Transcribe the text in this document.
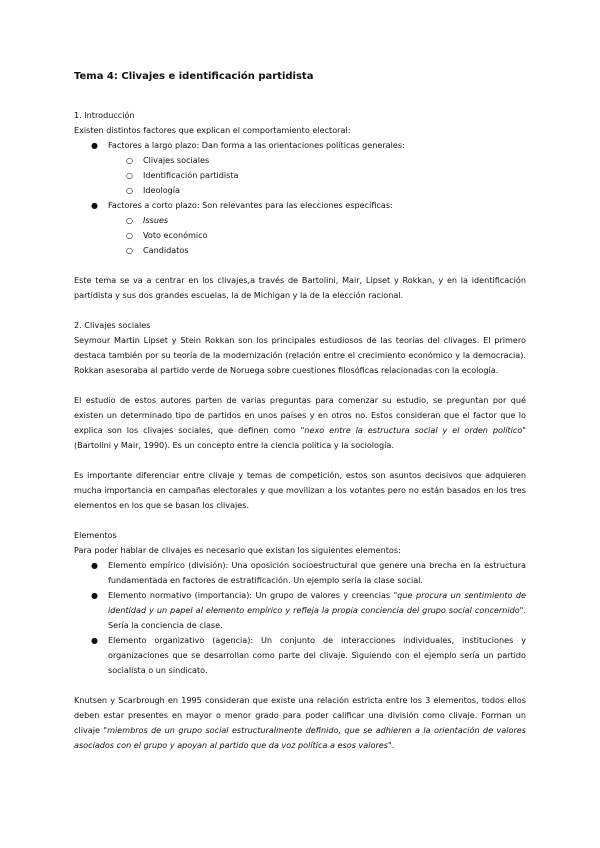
Tema 4: Clivajes e identificación partidista

1. Introducción

Existen distintos factores que explican el comportamiento electoral:

● Factores a largo plazo: Dan forma a las orientaciones políticas generales:
○ Clivajes sociales
○ Identificación partidista
○ Ideología
● Factores a corto plazo: Son relevantes para las elecciones específicas:
○ Issues
○ Voto económico
○ Candidatos

Este tema se va a centrar en los clivajes,a través de Bartolini, Mair, Lipset y Rokkan, y en la identificación partidista y sus dos grandes escuelas, la de Michigan y la de la elección racional.

2. Clivajes sociales

Seymour Martin Lipset y Stein Rokkan son los principales estudiosos de las teorías del clivages. El primero destaca también por su teoría de la modernización (relación entre el crecimiento económico y la democracia). Rokkan asesoraba al partido verde de Noruega sobre cuestiones filosóficas relacionadas con la ecología.

El estudio de estos autores parten de varias preguntas para comenzar su estudio, se preguntan por qué existen un determinado tipo de partidos en unos países y en otros no. Estos consideran que el factor que lo explica son los clivajes sociales, que definen como "nexo entre la estructura social y el orden político" (Bartolini y Mair, 1990). Es un concepto entre la ciencia política y la sociología.

Es importante diferenciar entre clivaje y temas de competición, estos son asuntos decisivos que adquieren mucha importancia en campañas electorales y que movilizan a los votantes pero no están basados en los tres elementos en los que se basan los clivajes.

Elementos

Para poder hablar de clivajes es necesario que existan los siguientes elementos:

● Elemento empírico (división): Una oposición socioestructural que genere una brecha en la estructura fundamentada en factores de estratificación. Un ejemplo sería la clase social.
● Elemento normativo (importancia): Un grupo de valores y creencias "que procura un sentimiento de identidad y un papel al elemento empírico y refleja la propia conciencia del grupo social concernido". Sería la conciencia de clase.
● Elemento organizativo (agencia): Un conjunto de interacciones individuales, instituciones y organizaciones que se desarrollan como parte del clivaje. Siguiendo con el ejemplo sería un partido socialista o un sindicato.

Knutsen y Scarbrough en 1995 consideran que existe una relación estricta entre los 3 elementos, todos ellos deben estar presentes en mayor o menor grado para poder calificar una división como clivaje. Forman un clivaje "miembros de un grupo social estructuralmente definido, que se adhieren a la orientación de valores asociados con el grupo y apoyan al partido que da voz política a esos valores".
